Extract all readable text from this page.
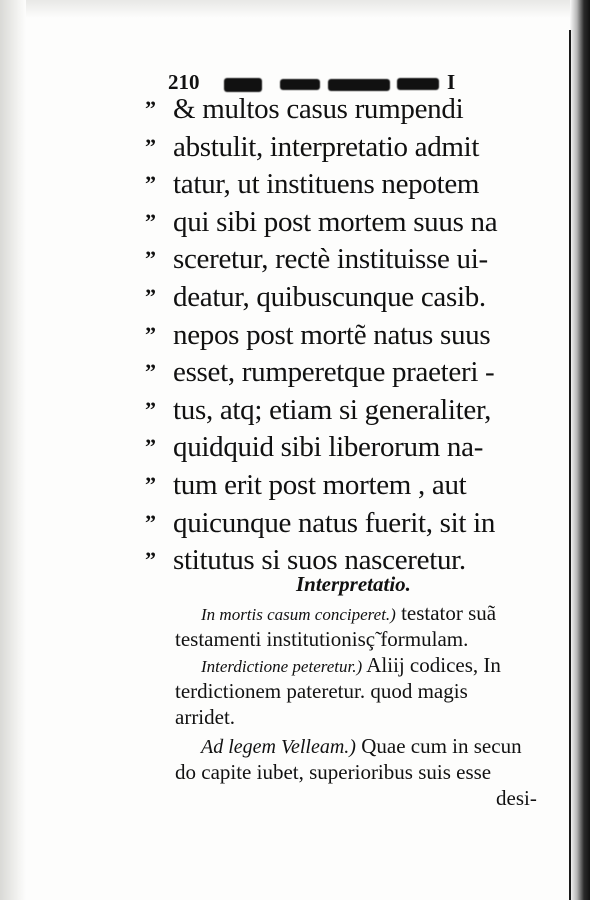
210	I
” & multos casus rumpendi
” abstulit, interpretatio admit
” tatur, ut instituens nepotem
” qui sibi post mortem suus na
” sceretur, rectè instituisse ui-
” deatur, quibuscunque casib.
” nepos post mortẽ natus suus
” esset, rumperetque praeteri -
” tus, atq; etiam si generaliter,
” quidquid sibi liberorum na-
” tum erit post mortem , aut
” quicunque natus fuerit, sit in
” stitutus si suos nasceretur.
Interpretatio.
In mortis casum conciperet.) testator suã
testamenti institutionisç̃ formulam.
Interdictione peteretur.) Aliĳ codices, In
terdictionem pateretur. quod magis
arridet.
Ad legem Velleam.) Quae cum in secun
do capite iubet, superioribus suis esse
desi-
